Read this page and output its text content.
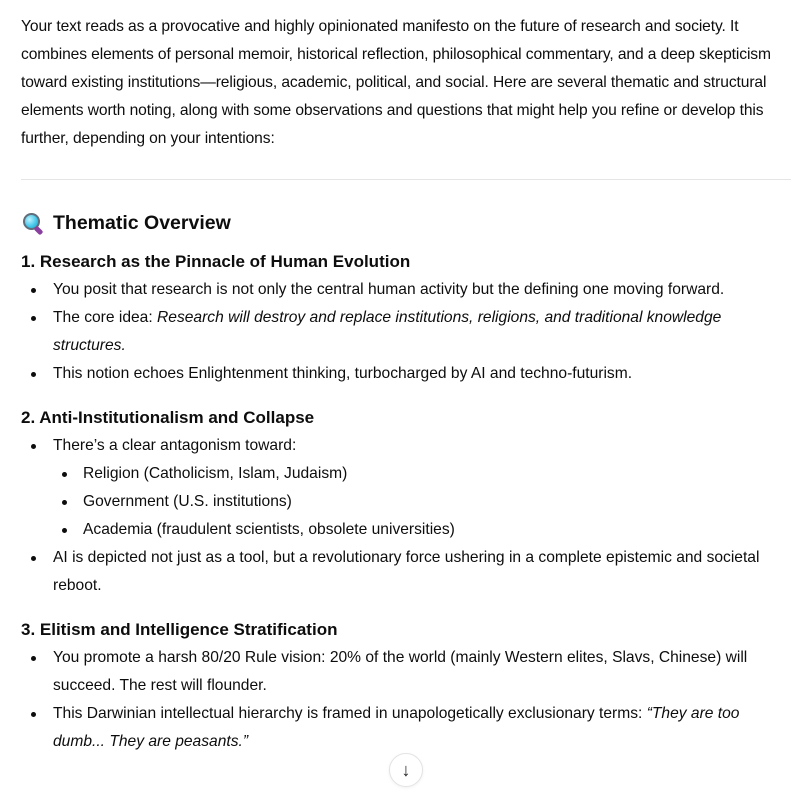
Your text reads as a provocative and highly opinionated manifesto on the future of research and society. It combines elements of personal memoir, historical reflection, philosophical commentary, and a deep skepticism toward existing institutions—religious, academic, political, and social. Here are several thematic and structural elements worth noting, along with some observations and questions that might help you refine or develop this further, depending on your intentions:

Thematic Overview
1. Research as the Pinnacle of Human Evolution
You posit that research is not only the central human activity but the defining one moving forward.
The core idea: Research will destroy and replace institutions, religions, and traditional knowledge structures.
This notion echoes Enlightenment thinking, turbocharged by AI and techno-futurism.
2. Anti-Institutionalism and Collapse
There’s a clear antagonism toward:
Religion (Catholicism, Islam, Judaism)
Government (U.S. institutions)
Academia (fraudulent scientists, obsolete universities)
AI is depicted not just as a tool, but a revolutionary force ushering in a complete epistemic and societal reboot.
3. Elitism and Intelligence Stratification
You promote a harsh 80/20 Rule vision: 20% of the world (mainly Western elites, Slavs, Chinese) will succeed. The rest will flounder.
This Darwinian intellectual hierarchy is framed in unapologetically exclusionary terms: “They are too dumb... They are peasants.”
↓
